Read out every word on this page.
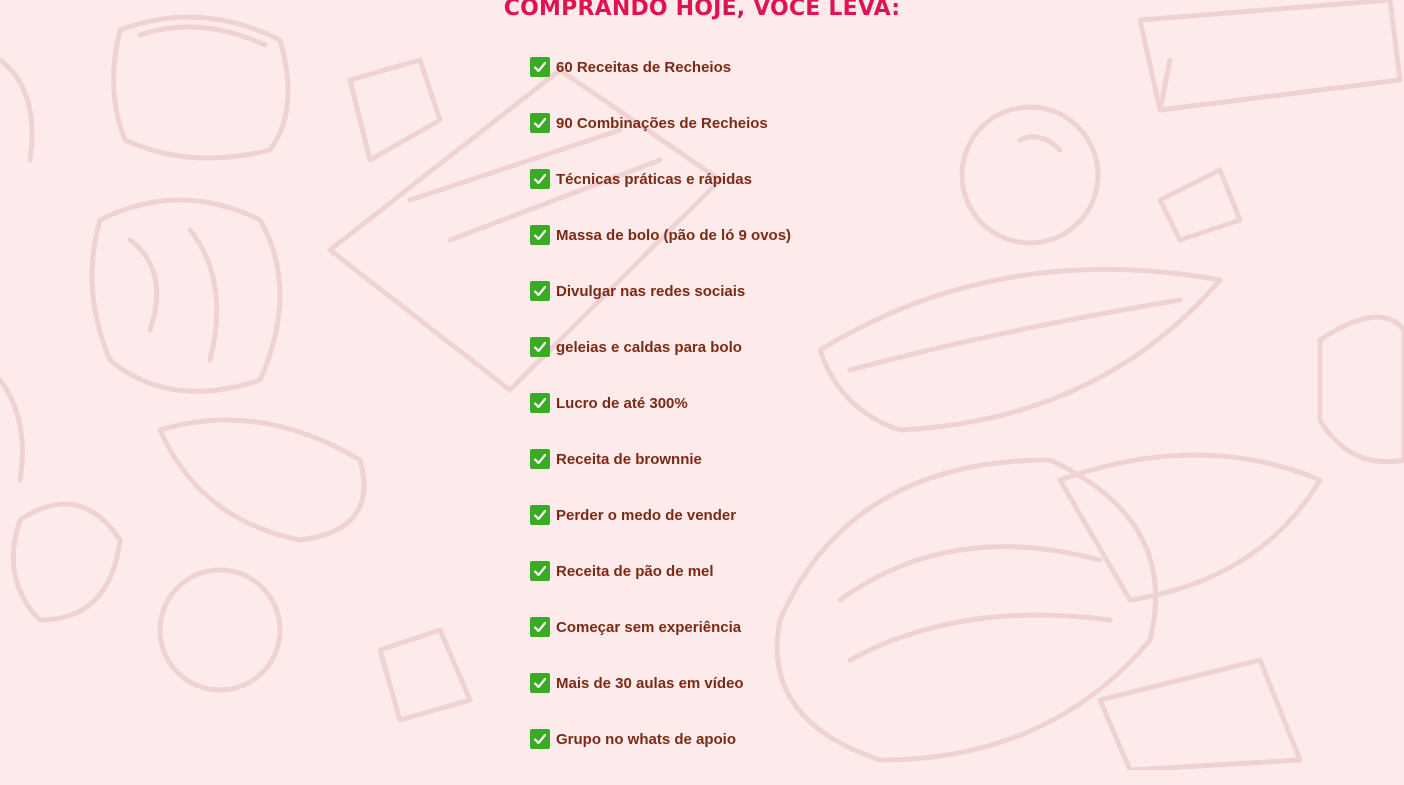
COMPRANDO HOJE, VOCE LEVA:
60 Receitas de Recheios
90 Combinações de Recheios
Técnicas práticas e rápidas
Massa de bolo (pão de ló 9 ovos)
Divulgar nas redes sociais
geleias e caldas para bolo
Lucro de até 300%
Receita de brownnie
Perder o medo de vender
Receita de pão de mel
Começar sem experiência
Mais de 30 aulas em vídeo
Grupo no whats de apoio
